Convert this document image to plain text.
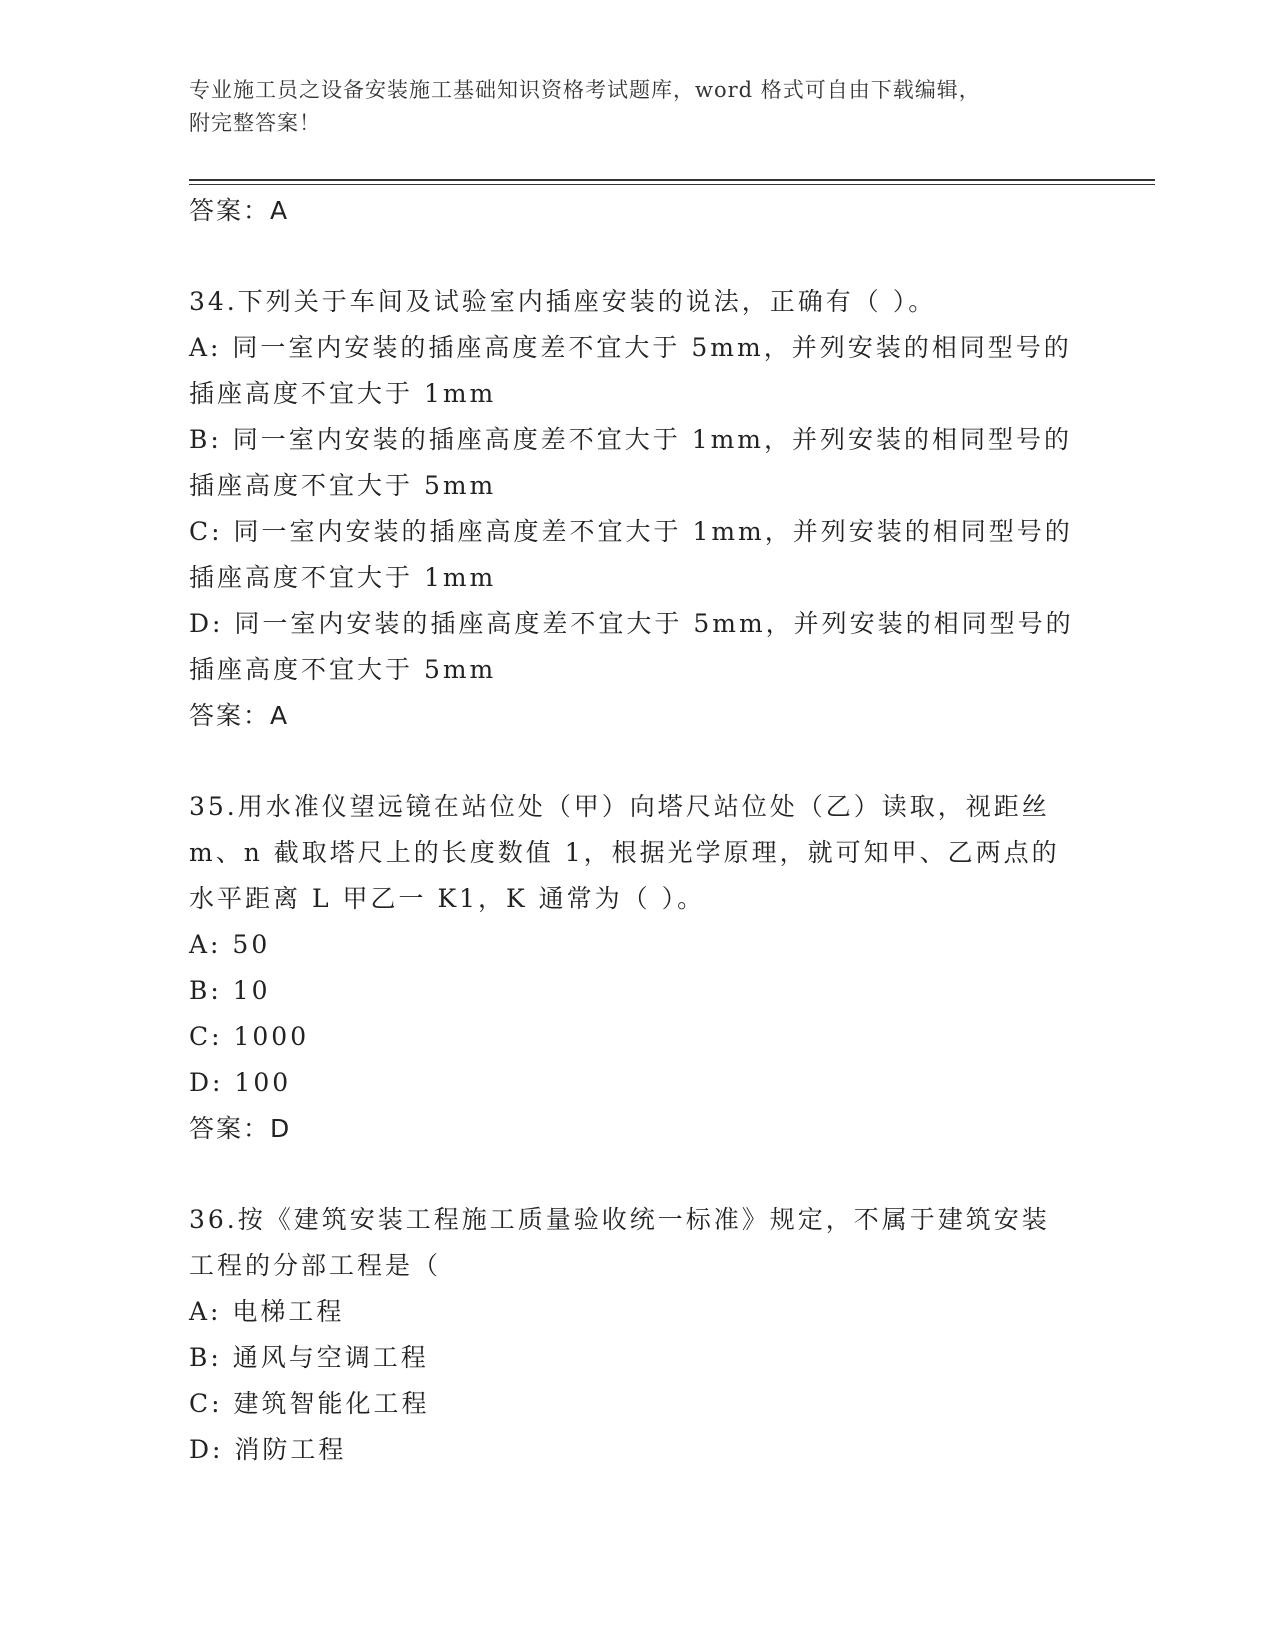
专业施工员之设备安装施工基础知识资格考试题库，word 格式可自由下载编辑，
附完整答案！
答案：A
34.下列关于车间及试验室内插座安装的说法，正确有（ ）。
A: 同一室内安装的插座高度差不宜大于 5mm，并列安装的相同型号的
插座高度不宜大于 1mm
B: 同一室内安装的插座高度差不宜大于 1mm，并列安装的相同型号的
插座高度不宜大于 5mm
C: 同一室内安装的插座高度差不宜大于 1mm，并列安装的相同型号的
插座高度不宜大于 1mm
D: 同一室内安装的插座高度差不宜大于 5mm，并列安装的相同型号的
插座高度不宜大于 5mm
答案：A
35.用水准仪望远镜在站位处（甲）向塔尺站位处（乙）读取，视距丝
m、n 截取塔尺上的长度数值 1，根据光学原理，就可知甲、乙两点的
水平距离 L 甲乙一 K1，K 通常为（ ）。
A: 50
B: 10
C: 1000
D: 100
答案：D
36.按《建筑安装工程施工质量验收统一标准》规定，不属于建筑安装
工程的分部工程是（
A: 电梯工程
B: 通风与空调工程
C: 建筑智能化工程
D: 消防工程
